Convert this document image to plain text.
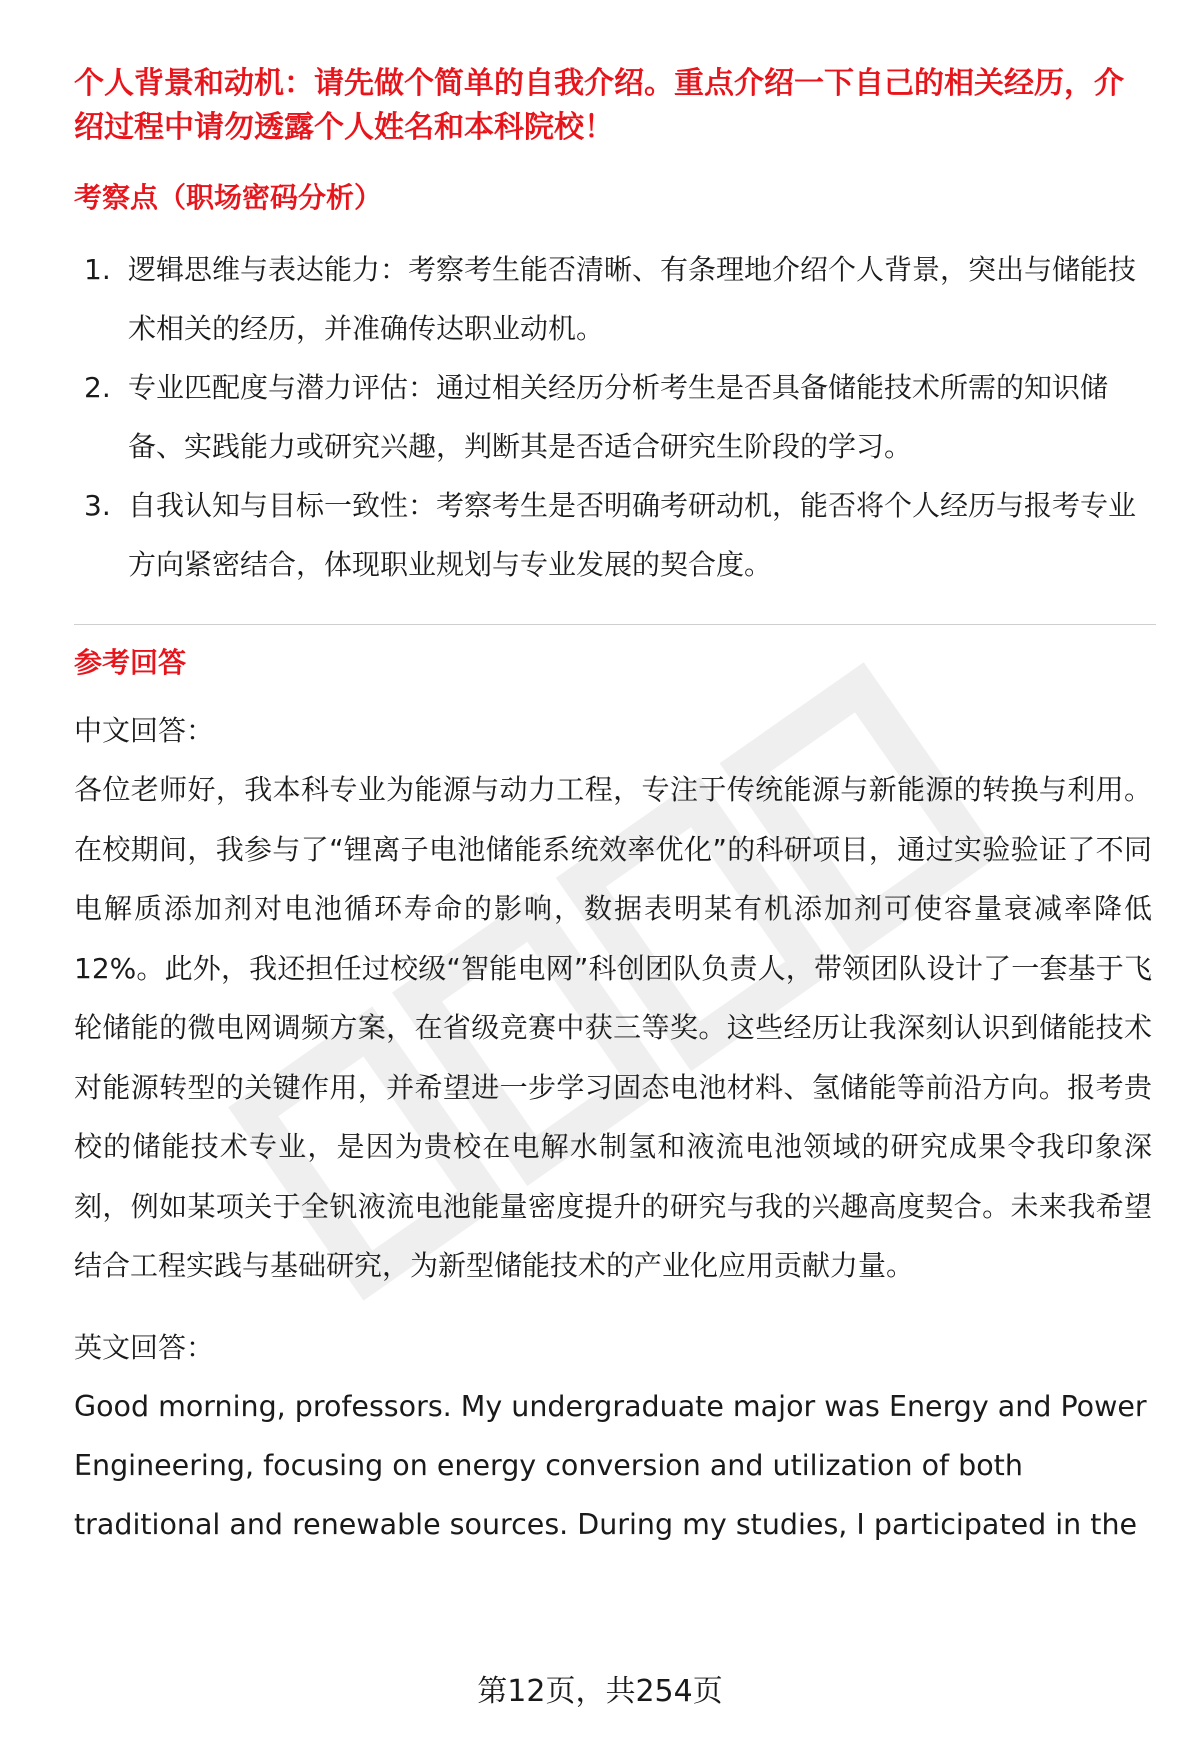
个人背景和动机：请先做个简单的自我介绍。重点介绍一下自己的相关经历，介绍过程中请勿透露个人姓名和本科院校！

考察点（职场密码分析）

1. 逻辑思维与表达能力：考察考生能否清晰、有条理地介绍个人背景，突出与储能技术相关的经历，并准确传达职业动机。
2. 专业匹配度与潜力评估：通过相关经历分析考生是否具备储能技术所需的知识储备、实践能力或研究兴趣，判断其是否适合研究生阶段的学习。
3. 自我认知与目标一致性：考察考生是否明确考研动机，能否将个人经历与报考专业方向紧密结合，体现职业规划与专业发展的契合度。

参考回答

中文回答：

各位老师好，我本科专业为能源与动力工程，专注于传统能源与新能源的转换与利用。在校期间，我参与了“锂离子电池储能系统效率优化”的科研项目，通过实验验证了不同电解质添加剂对电池循环寿命的影响，数据表明某有机添加剂可使容量衰减率降低12%。此外，我还担任过校级“智能电网”科创团队负责人，带领团队设计了一套基于飞轮储能的微电网调频方案，在省级竞赛中获三等奖。这些经历让我深刻认识到储能技术对能源转型的关键作用，并希望进一步学习固态电池材料、氢储能等前沿方向。报考贵校的储能技术专业，是因为贵校在电解水制氢和液流电池领域的研究成果令我印象深刻，例如某项关于全钒液流电池能量密度提升的研究与我的兴趣高度契合。未来我希望结合工程实践与基础研究，为新型储能技术的产业化应用贡献力量。

英文回答：

Good morning, professors. My undergraduate major was Energy and Power Engineering, focusing on energy conversion and utilization of both traditional and renewable sources. During my studies, I participated in the

第12页，共254页
